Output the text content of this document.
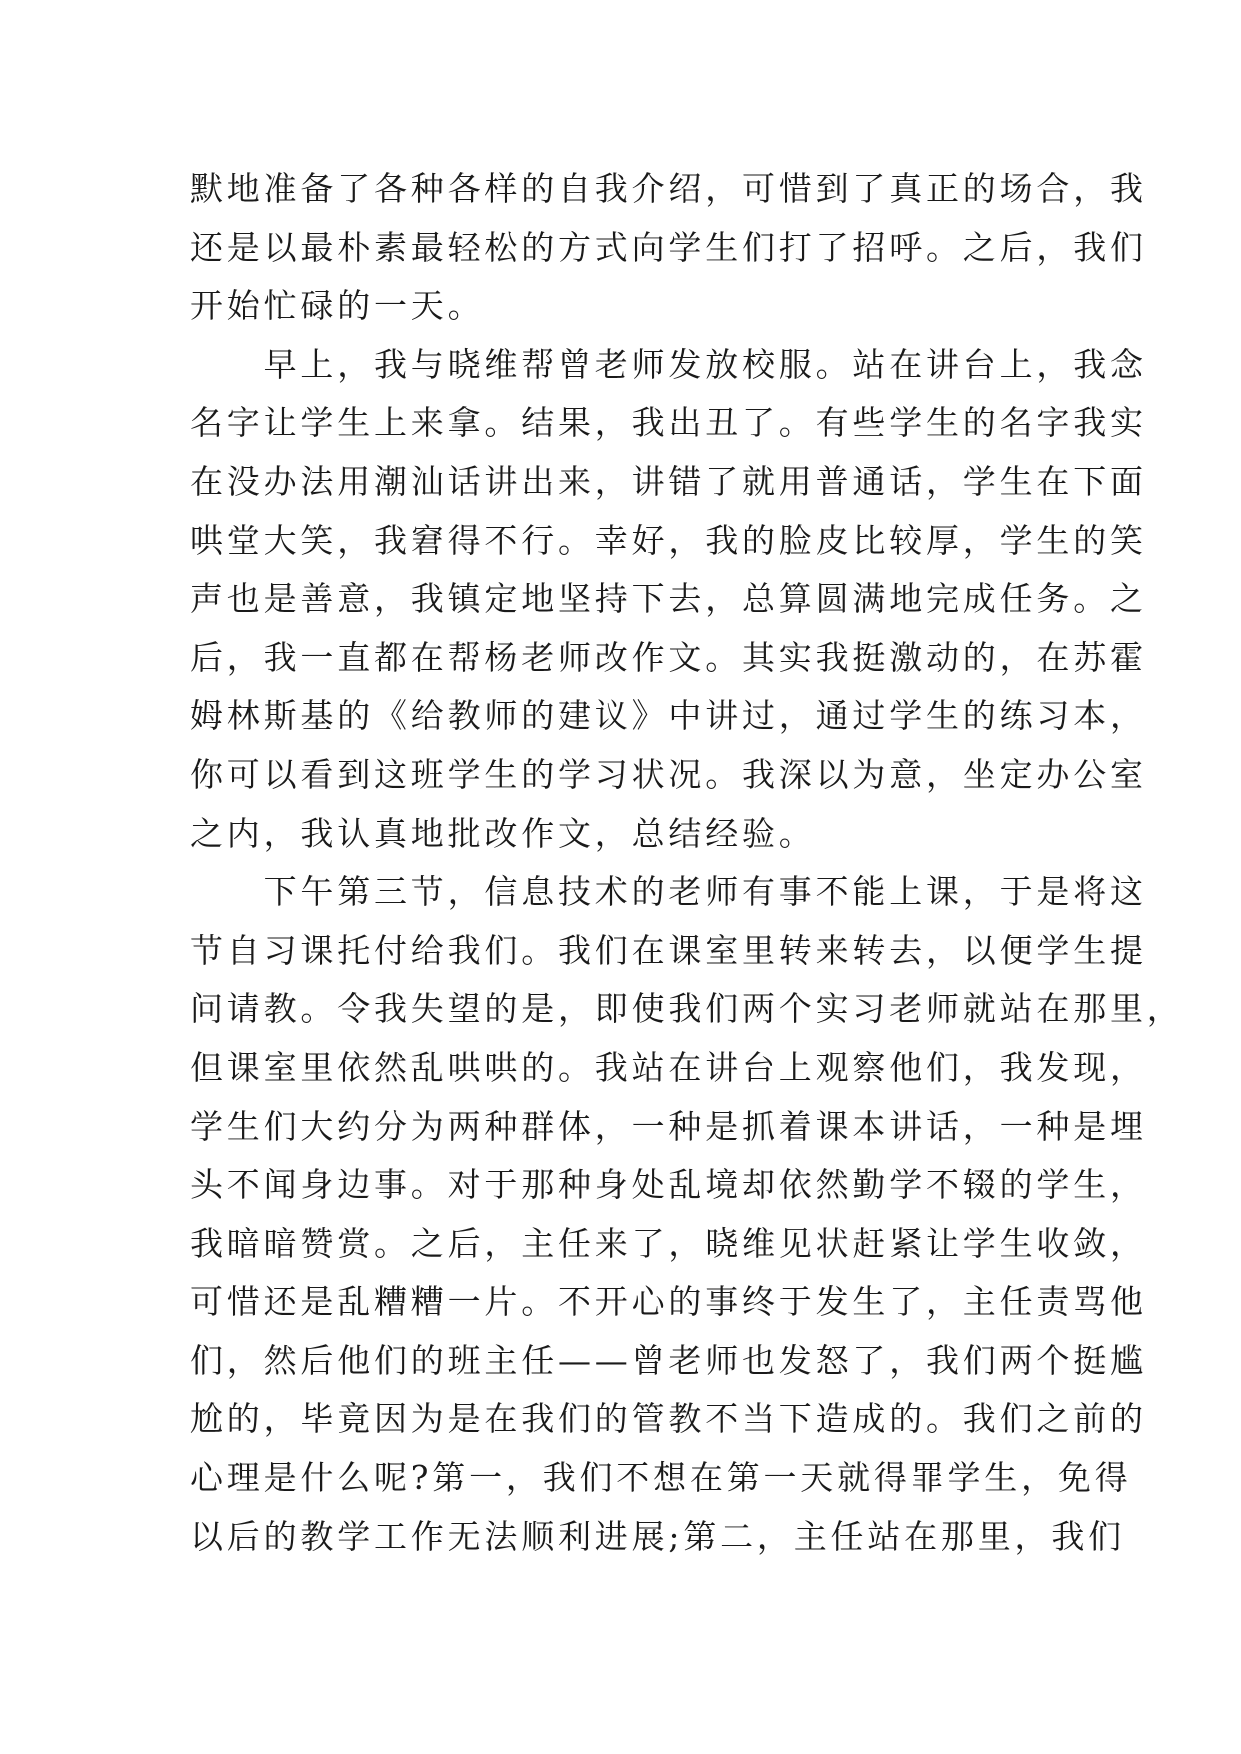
默地准备了各种各样的自我介绍，可惜到了真正的场合，我
还是以最朴素最轻松的方式向学生们打了招呼。之后，我们
开始忙碌的一天。
　　早上，我与晓维帮曾老师发放校服。站在讲台上，我念
名字让学生上来拿。结果，我出丑了。有些学生的名字我实
在没办法用潮汕话讲出来，讲错了就用普通话，学生在下面
哄堂大笑，我窘得不行。幸好，我的脸皮比较厚，学生的笑
声也是善意，我镇定地坚持下去，总算圆满地完成任务。之
后，我一直都在帮杨老师改作文。其实我挺激动的，在苏霍
姆林斯基的《给教师的建议》中讲过，通过学生的练习本，
你可以看到这班学生的学习状况。我深以为意，坐定办公室
之内，我认真地批改作文，总结经验。
　　下午第三节，信息技术的老师有事不能上课，于是将这
节自习课托付给我们。我们在课室里转来转去，以便学生提
问请教。令我失望的是，即使我们两个实习老师就站在那里，
但课室里依然乱哄哄的。我站在讲台上观察他们，我发现，
学生们大约分为两种群体，一种是抓着课本讲话，一种是埋
头不闻身边事。对于那种身处乱境却依然勤学不辍的学生，
我暗暗赞赏。之后，主任来了，晓维见状赶紧让学生收敛，
可惜还是乱糟糟一片。不开心的事终于发生了，主任责骂他
们，然后他们的班主任——曾老师也发怒了，我们两个挺尴
尬的，毕竟因为是在我们的管教不当下造成的。我们之前的
心理是什么呢?第一，我们不想在第一天就得罪学生，免得
以后的教学工作无法顺利进展;第二，主任站在那里，我们
